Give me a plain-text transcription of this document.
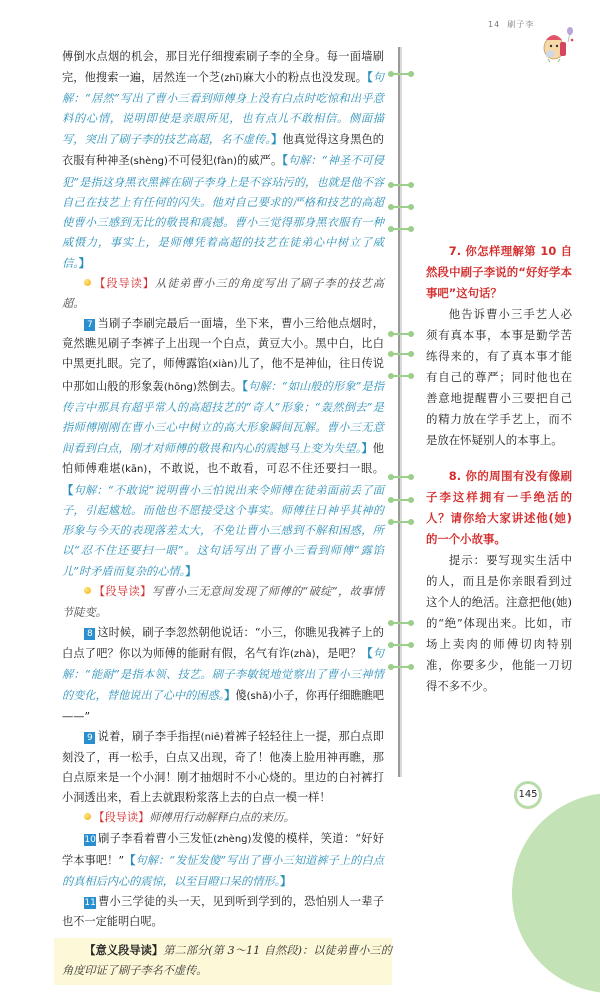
14 刷子李

傅倒水点烟的机会，那目光仔细搜索刷子李的全身。每一面墙刷完，他搜索一遍，居然连一个芝(zhī)麻大小的粉点也没发现。【句解：“居然”写出了曹小三看到师傅身上没有白点时吃惊和出乎意料的心情，说明即使是亲眼所见，也有点儿不敢相信。侧面描写，突出了刷子李的技艺高超，名不虚传。】他真觉得这身黑色的衣服有种神圣(shèng)不可侵犯(fàn)的威严。【句解：“神圣不可侵犯”是指这身黑衣黑裤在刷子李身上是不容玷污的，也就是他不容自己在技艺上有任何的闪失。他对自己要求的严格和技艺的高超使曹小三感到无比的敬畏和震撼。曹小三觉得那身黑衣服有一种威慑力，事实上，是师傅凭着高超的技艺在徒弟心中树立了威信。】

【段导读】从徒弟曹小三的角度写出了刷子李的技艺高超。

7 当刷子李刷完最后一面墙，坐下来，曹小三给他点烟时，竟然瞧见刷子李裤子上出现一个白点，黄豆大小。黑中白，比白中黑更扎眼。完了，师傅露馅(xiàn)儿了，他不是神仙，往日传说中那如山般的形象轰(hōng)然倒去。【句解：“如山般的形象”是指传言中那具有超乎常人的高超技艺的“奇人”形象；“轰然倒去”是指师傅刚刚在曹小三心中树立的高大形象瞬间瓦解。曹小三无意间看到白点，刚才对师傅的敬畏和内心的震撼马上变为失望。】他怕师傅难堪(kān)，不敢说，也不敢看，可忍不住还要扫一眼。【句解：“不敢说”说明曹小三怕说出来令师傅在徒弟面前丢了面子，引起尴尬。而他也不愿接受这个事实。师傅往日神乎其神的形象与今天的表现落差太大，不免让曹小三感到不解和困惑，所以“忍不住还要扫一眼”。这句话写出了曹小三看到师傅“露馅儿”时矛盾而复杂的心情。】

【段导读】写曹小三无意间发现了师傅的“破绽”，故事情节陡变。

8 这时候，刷子李忽然朝他说话：“小三，你瞧见我裤子上的白点了吧？你以为师傅的能耐有假，名气有诈(zhà)，是吧？【句解：“能耐”是指本领、技艺。刷子李敏锐地觉察出了曹小三神情的变化，替他说出了心中的困惑。】傻(shǎ)小子，你再仔细瞧瞧吧——”

9 说着，刷子李手指捏(niē)着裤子轻轻往上一提，那白点即刻没了，再一松手，白点又出现，奇了！他凑上脸用神再瞧，那白点原来是一个小洞！刚才抽烟时不小心烧的。里边的白衬裤打小洞透出来，看上去就跟粉浆落上去的白点一模一样！

【段导读】师傅用行动解释白点的来历。

10 刷子李看着曹小三发怔(zhèng)发傻的模样，笑道：“好好学本事吧！”【句解：“发怔发傻”写出了曹小三知道裤子上的白点的真相后内心的震惊，以至目瞪口呆的情形。】

11 曹小三学徒的头一天，见到听到学到的，恐怕别人一辈子也不一定能明白呢。

【意义段导读】第二部分(第 3～11 自然段)：以徒弟曹小三的角度印证了刷子李名不虚传。

7. 你怎样理解第 10 自然段中刷子李说的“好好学本事吧”这句话？

他告诉曹小三手艺人必须有真本事，本事是勤学苦练得来的，有了真本事才能有自己的尊严；同时他也在善意地提醒曹小三要把自己的精力放在学手艺上，而不是放在怀疑别人的本事上。

8. 你的周围有没有像刷子李这样拥有一手绝活的人？请你给大家讲述他(她)的一个小故事。

提示：要写现实生活中的人，而且是你亲眼看到过这个人的绝活。注意把他(她)的“绝”体现出来。比如，市场上卖肉的师傅切肉特别准，你要多少，他能一刀切得不多不少。

145
